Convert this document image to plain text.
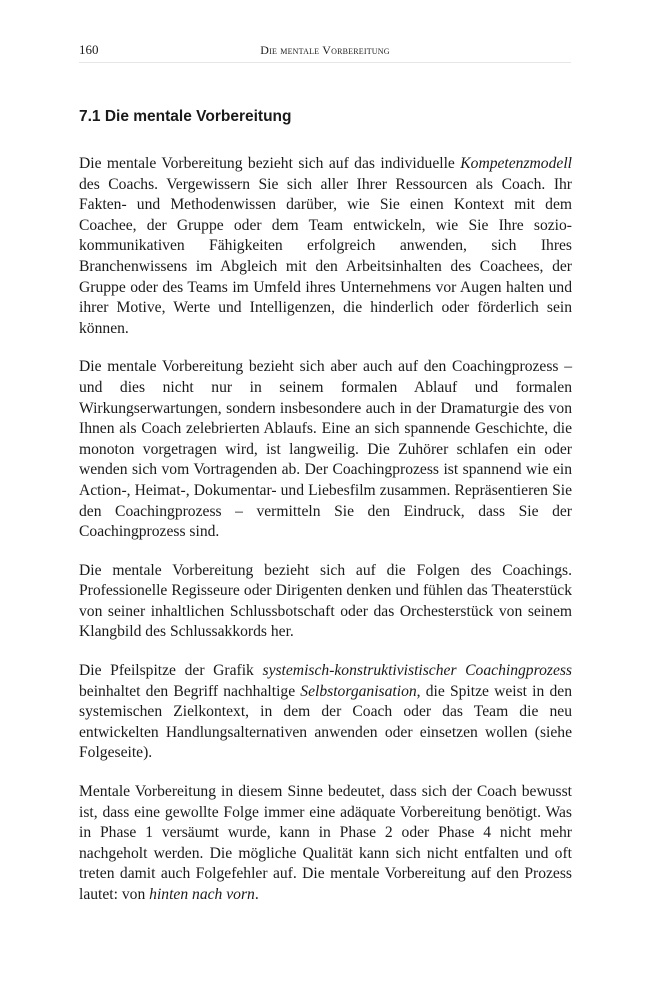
160	Die mentale Vorbereitung
7.1 Die mentale Vorbereitung

Die mentale Vorbereitung bezieht sich auf das individuelle Kompetenzmodell des Coachs. Vergewissern Sie sich aller Ihrer Ressourcen als Coach. Ihr Fakten- und Methodenwissen darüber, wie Sie einen Kontext mit dem Coachee, der Gruppe oder dem Team entwickeln, wie Sie Ihre sozio-kommunikativen Fähigkeiten erfolgreich anwenden, sich Ihres Branchenwissens im Abgleich mit den Arbeitsinhalten des Coachees, der Gruppe oder des Teams im Umfeld ihres Unternehmens vor Augen halten und ihrer Motive, Werte und Intelligenzen, die hinderlich oder förderlich sein können.

Die mentale Vorbereitung bezieht sich aber auch auf den Coachingprozess – und dies nicht nur in seinem formalen Ablauf und formalen Wirkungserwartungen, sondern insbesondere auch in der Dramaturgie des von Ihnen als Coach zelebrierten Ablaufs. Eine an sich spannende Geschichte, die monoton vorgetragen wird, ist langweilig. Die Zuhörer schlafen ein oder wenden sich vom Vortragenden ab. Der Coachingprozess ist spannend wie ein Action-, Heimat-, Dokumentar- und Liebesfilm zusammen. Repräsentieren Sie den Coachingprozess – vermitteln Sie den Eindruck, dass Sie der Coachingprozess sind.

Die mentale Vorbereitung bezieht sich auf die Folgen des Coachings. Professionelle Regisseure oder Dirigenten denken und fühlen das Theaterstück von seiner inhaltlichen Schlussbotschaft oder das Orchesterstück von seinem Klangbild des Schlussakkords her.

Die Pfeilspitze der Grafik systemisch-konstruktivistischer Coachingprozess beinhaltet den Begriff nachhaltige Selbstorganisation, die Spitze weist in den systemischen Zielkontext, in dem der Coach oder das Team die neu entwickelten Handlungsalternativen anwenden oder einsetzen wollen (siehe Folgeseite).

Mentale Vorbereitung in diesem Sinne bedeutet, dass sich der Coach bewusst ist, dass eine gewollte Folge immer eine adäquate Vorbereitung benötigt. Was in Phase 1 versäumt wurde, kann in Phase 2 oder Phase 4 nicht mehr nachgeholt werden. Die mögliche Qualität kann sich nicht entfalten und oft treten damit auch Folgefehler auf. Die mentale Vorbereitung auf den Prozess lautet: von hinten nach vorn.
